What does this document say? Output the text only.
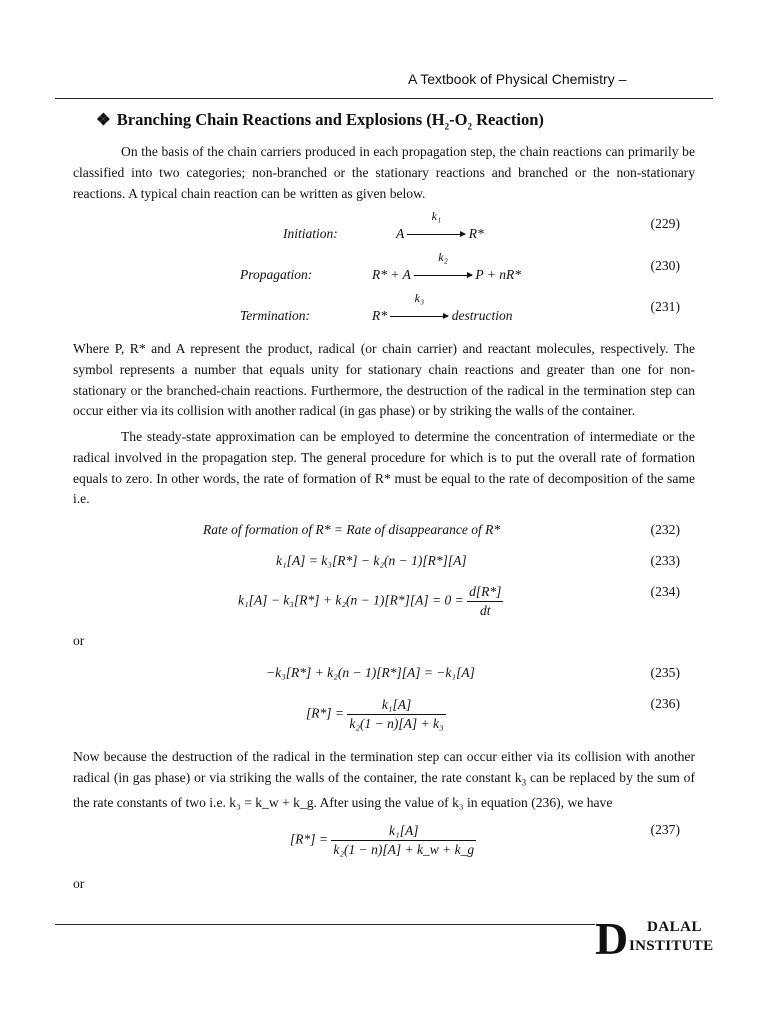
A Textbook of Physical Chemistry –
❖ Branching Chain Reactions and Explosions ($H_2-O_2$ Reaction)
On the basis of the chain carriers produced in each propagation step, the chain reactions can primarily be classified into two categories; non-branched or the stationary reactions and branched or the non-stationary reactions. A typical chain reaction can be written as given below.
Initiation:	A
k₁
R*
(229)
Propagation:	R* + A
k₂
P + nR*
(230)
Termination:	R*
k₃
destruction
(231)
Where P, R* and A represent the product, radical (or chain carrier) and reactant molecules, respectively. The symbol represents a number that equals unity for stationary chain reactions and greater than one for non-stationary or the branched-chain reactions. Furthermore, the destruction of the radical in the termination step can occur either via its collision with another radical (in gas phase) or by striking the walls of the container.
The steady-state approximation can be employed to determine the concentration of intermediate or the radical involved in the propagation step. The general procedure for which is to put the overall rate of formation equals to zero. In other words, the rate of formation of R* must be equal to the rate of decomposition of the same i.e.
Rate of formation of R* = Rate of disappearance of R*	(232)
k₁[A] = k₃[R*] − k₂(n − 1)[R*][A]	(233)
$k_1[A] - k_3[R*] + k_2(n - 1)[R*][A] = 0 = \frac{d[R*]}{dt}$	(234)
or
−k₃[R*] + k₂(n − 1)[R*][A] = −k₁[A]	(235)
$[R*] = \frac{\text{k₁[A]}}{\text{k₂(1 − n)[A] + k₃}}$	(236)
Now because the destruction of the radical in the termination step can occur either via its collision with another radical (in gas phase) or via striking the walls of the container, the rate constant $k_3$ can be replaced by the sum of the rate constants of two i.e. k₃ = k_w + k_g. After using the value of k₃ in equation (236), we have
$[R*] = \frac{\text{k₁[A]}}{\text{k₂(1 − n)[A] + k\_w + k\_g}}$	(237)
or
D DALAL
INSTITUTE
